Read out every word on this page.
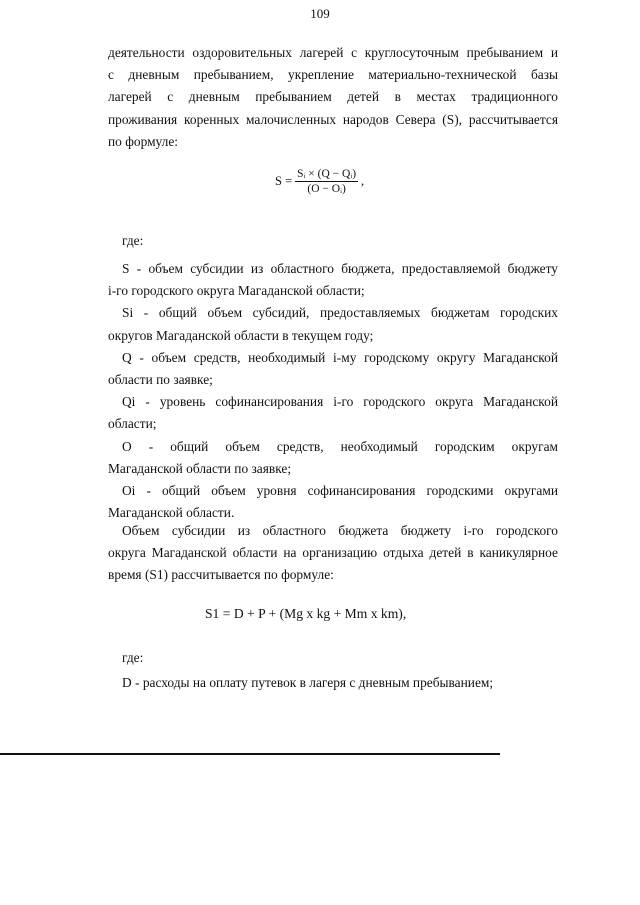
109
деятельности оздоровительных лагерей с круглосуточным пребыванием и
с дневным пребыванием, укрепление материально-технической базы
лагерей с дневным пребыванием детей в местах традиционного
проживания коренных малочисленных народов Севера (S), рассчитывается
по формуле:
$S = \frac{\text{Sᵢ × (Q − Qᵢ)}}{\text{(O − Oᵢ)}}$ ,
где:
S - объем субсидии из областного бюджета, предоставляемой бюджету
i-го городского округа Магаданской области;
Si - общий объем субсидий, предоставляемых бюджетам городских
округов Магаданской области в текущем году;
Q - объем средств, необходимый i-му городскому округу Магаданской
области по заявке;
Qi - уровень софинансирования i-го городского округа Магаданской
области;
O - общий объем средств, необходимый городским округам
Магаданской области по заявке;
Oi - общий объем уровня софинансирования городскими округами
Магаданской области.
Объем субсидии из областного бюджета бюджету i-го городского
округа Магаданской области на организацию отдыха детей в каникулярное
время (S1) рассчитывается по формуле:
S1 = D + P + (Mg x kg + Mm x km),
где:
D - расходы на оплату путевок в лагеря с дневным пребыванием;
